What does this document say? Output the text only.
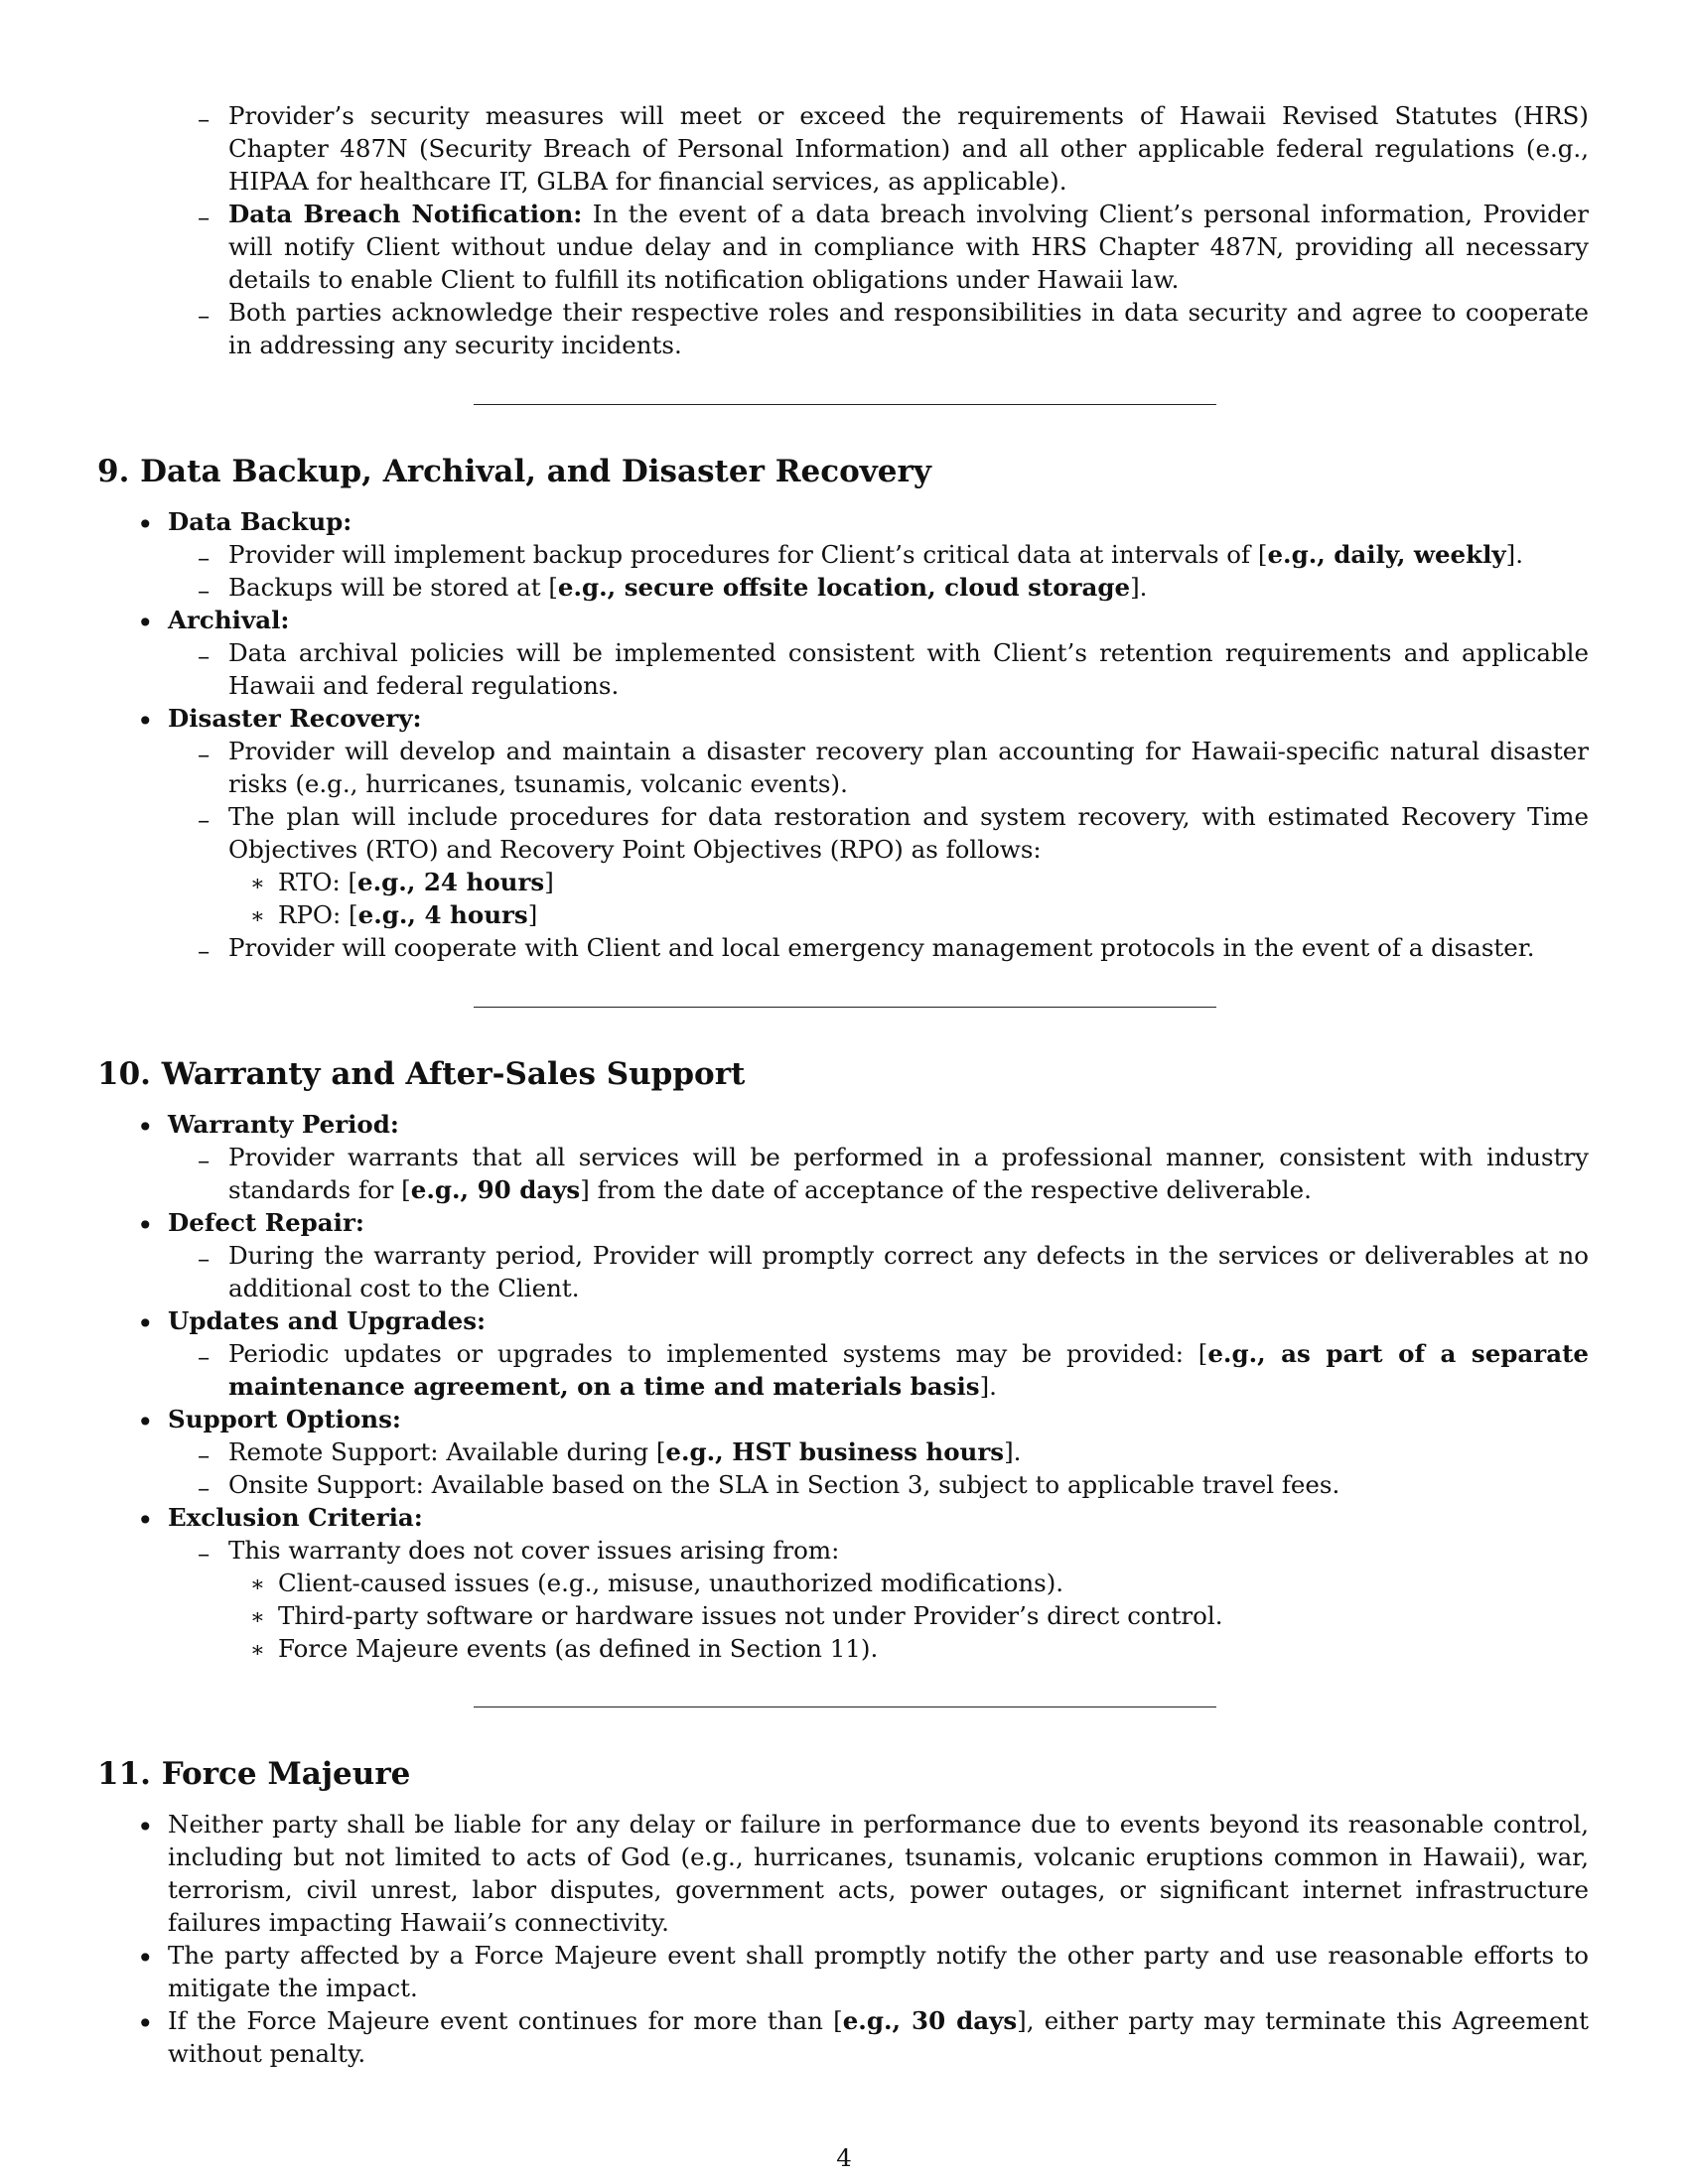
– Provider’s security measures will meet or exceed the requirements of Hawaii Revised Statutes (HRS) Chapter 487N (Security Breach of Personal Information) and all other applicable federal regulations (e.g., HIPAA for healthcare IT, GLBA for financial services, as applicable).
– Data Breach Notification: In the event of a data breach involving Client’s personal information, Provider will notify Client without undue delay and in compliance with HRS Chapter 487N, providing all necessary details to enable Client to fulfill its notification obligations under Hawaii law.
– Both parties acknowledge their respective roles and responsibilities in data security and agree to cooperate in addressing any security incidents.
9. Data Backup, Archival, and Disaster Recovery
• Data Backup:
– Provider will implement backup procedures for Client’s critical data at intervals of [e.g., daily, weekly].
– Backups will be stored at [e.g., secure offsite location, cloud storage].
• Archival:
– Data archival policies will be implemented consistent with Client’s retention requirements and applicable Hawaii and federal regulations.
• Disaster Recovery:
– Provider will develop and maintain a disaster recovery plan accounting for Hawaii-specific natural disaster risks (e.g., hurricanes, tsunamis, volcanic events).
– The plan will include procedures for data restoration and system recovery, with estimated Recovery Time Objectives (RTO) and Recovery Point Objectives (RPO) as follows:
∗ RTO: [e.g., 24 hours]
∗ RPO: [e.g., 4 hours]
– Provider will cooperate with Client and local emergency management protocols in the event of a disaster.
10. Warranty and After-Sales Support
• Warranty Period:
– Provider warrants that all services will be performed in a professional manner, consistent with industry standards for [e.g., 90 days] from the date of acceptance of the respective deliverable.
• Defect Repair:
– During the warranty period, Provider will promptly correct any defects in the services or deliverables at no additional cost to the Client.
• Updates and Upgrades:
– Periodic updates or upgrades to implemented systems may be provided: [e.g., as part of a separate maintenance agreement, on a time and materials basis].
• Support Options:
– Remote Support: Available during [e.g., HST business hours].
– Onsite Support: Available based on the SLA in Section 3, subject to applicable travel fees.
• Exclusion Criteria:
– This warranty does not cover issues arising from:
∗ Client-caused issues (e.g., misuse, unauthorized modifications).
∗ Third-party software or hardware issues not under Provider’s direct control.
∗ Force Majeure events (as defined in Section 11).
11. Force Majeure
• Neither party shall be liable for any delay or failure in performance due to events beyond its reasonable control, including but not limited to acts of God (e.g., hurricanes, tsunamis, volcanic eruptions common in Hawaii), war, terrorism, civil unrest, labor disputes, government acts, power outages, or significant internet infrastructure failures impacting Hawaii’s connectivity.
• The party affected by a Force Majeure event shall promptly notify the other party and use reasonable efforts to mitigate the impact.
• If the Force Majeure event continues for more than [e.g., 30 days], either party may terminate this Agreement without penalty.
4
